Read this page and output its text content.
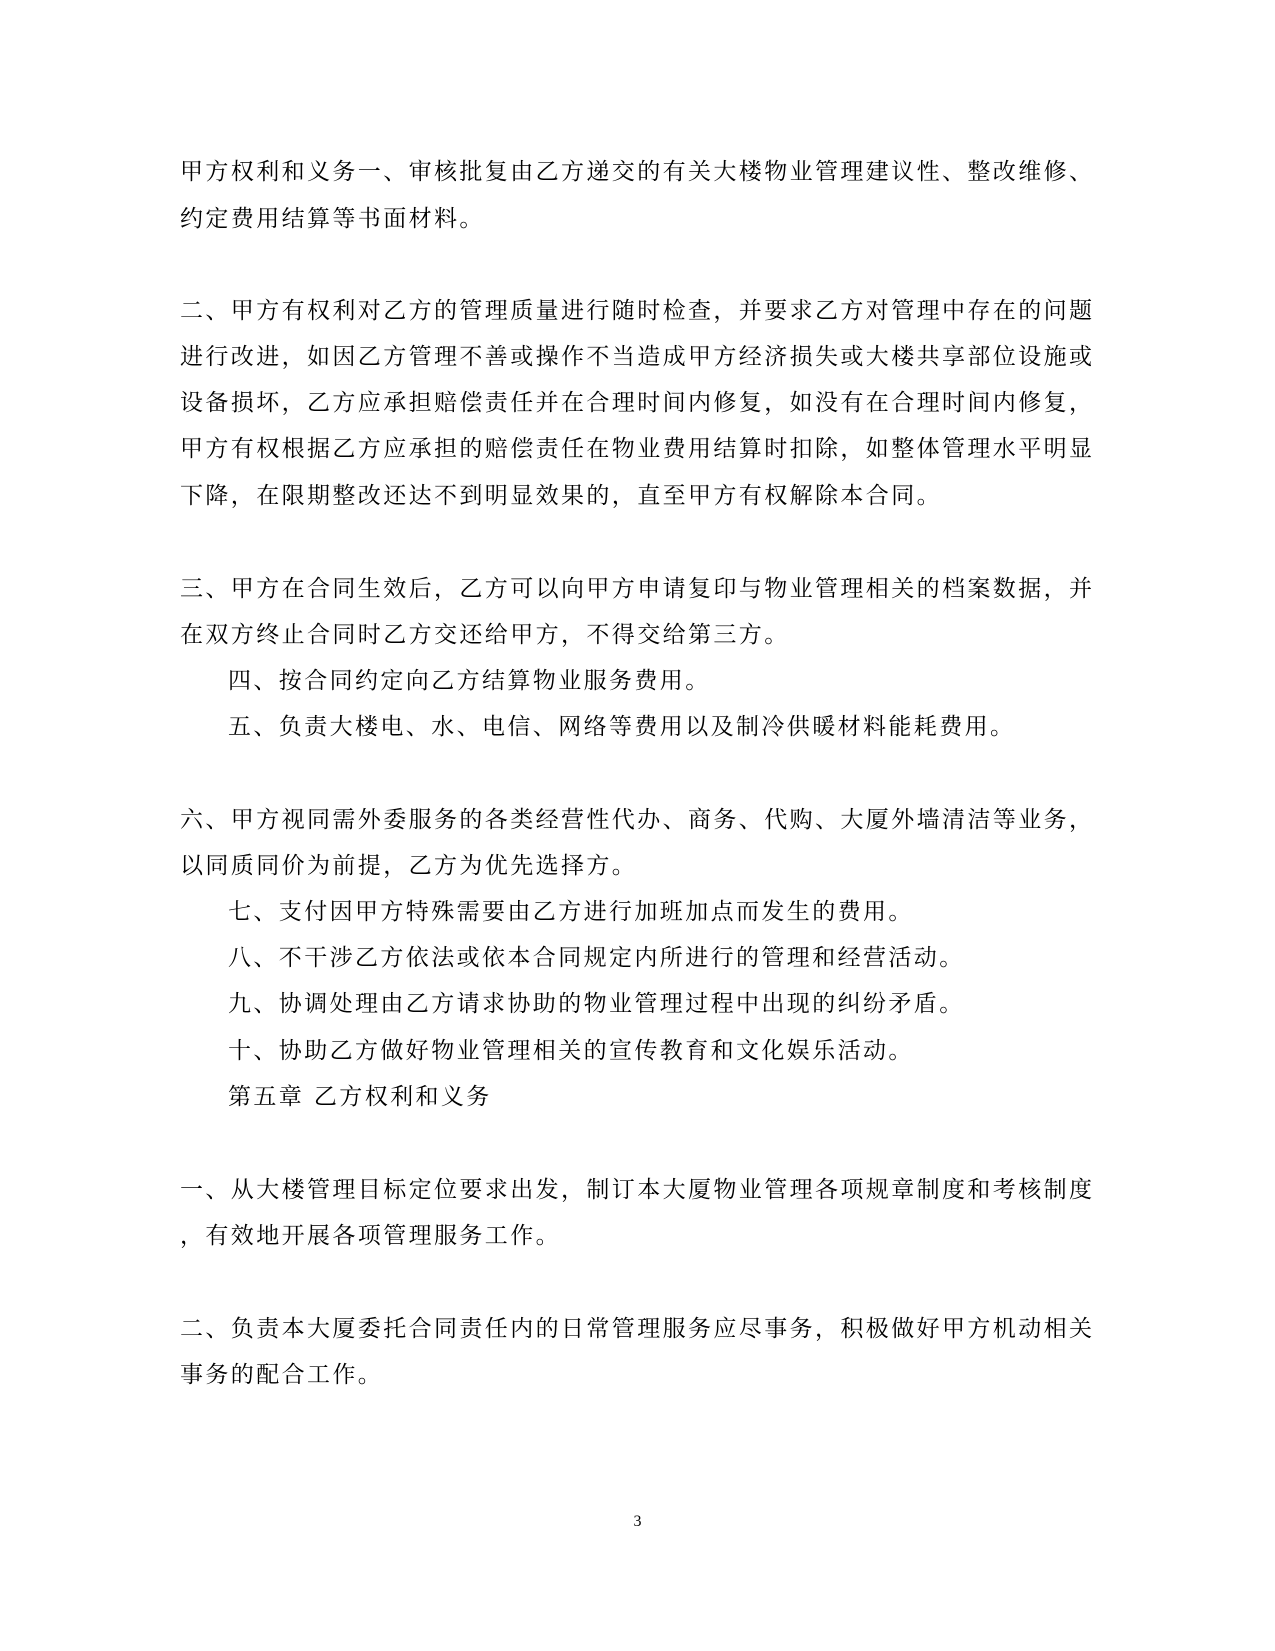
甲方权利和义务一、审核批复由乙方递交的有关大楼物业管理建议性、整改维修、
约定费用结算等书面材料。
二、甲方有权利对乙方的管理质量进行随时检查，并要求乙方对管理中存在的问题
进行改进，如因乙方管理不善或操作不当造成甲方经济损失或大楼共享部位设施或
设备损坏，乙方应承担赔偿责任并在合理时间内修复，如没有在合理时间内修复，
甲方有权根据乙方应承担的赔偿责任在物业费用结算时扣除，如整体管理水平明显
下降，在限期整改还达不到明显效果的，直至甲方有权解除本合同。
三、甲方在合同生效后，乙方可以向甲方申请复印与物业管理相关的档案数据，并
在双方终止合同时乙方交还给甲方，不得交给第三方。
四、按合同约定向乙方结算物业服务费用。
五、负责大楼电、水、电信、网络等费用以及制冷供暖材料能耗费用。
六、甲方视同需外委服务的各类经营性代办、商务、代购、大厦外墙清洁等业务，
以同质同价为前提，乙方为优先选择方。
七、支付因甲方特殊需要由乙方进行加班加点而发生的费用。
八、不干涉乙方依法或依本合同规定内所进行的管理和经营活动。
九、协调处理由乙方请求协助的物业管理过程中出现的纠纷矛盾。
十、协助乙方做好物业管理相关的宣传教育和文化娱乐活动。
第五章 乙方权利和义务
一、从大楼管理目标定位要求出发，制订本大厦物业管理各项规章制度和考核制度
，有效地开展各项管理服务工作。
二、负责本大厦委托合同责任内的日常管理服务应尽事务，积极做好甲方机动相关
事务的配合工作。
3
